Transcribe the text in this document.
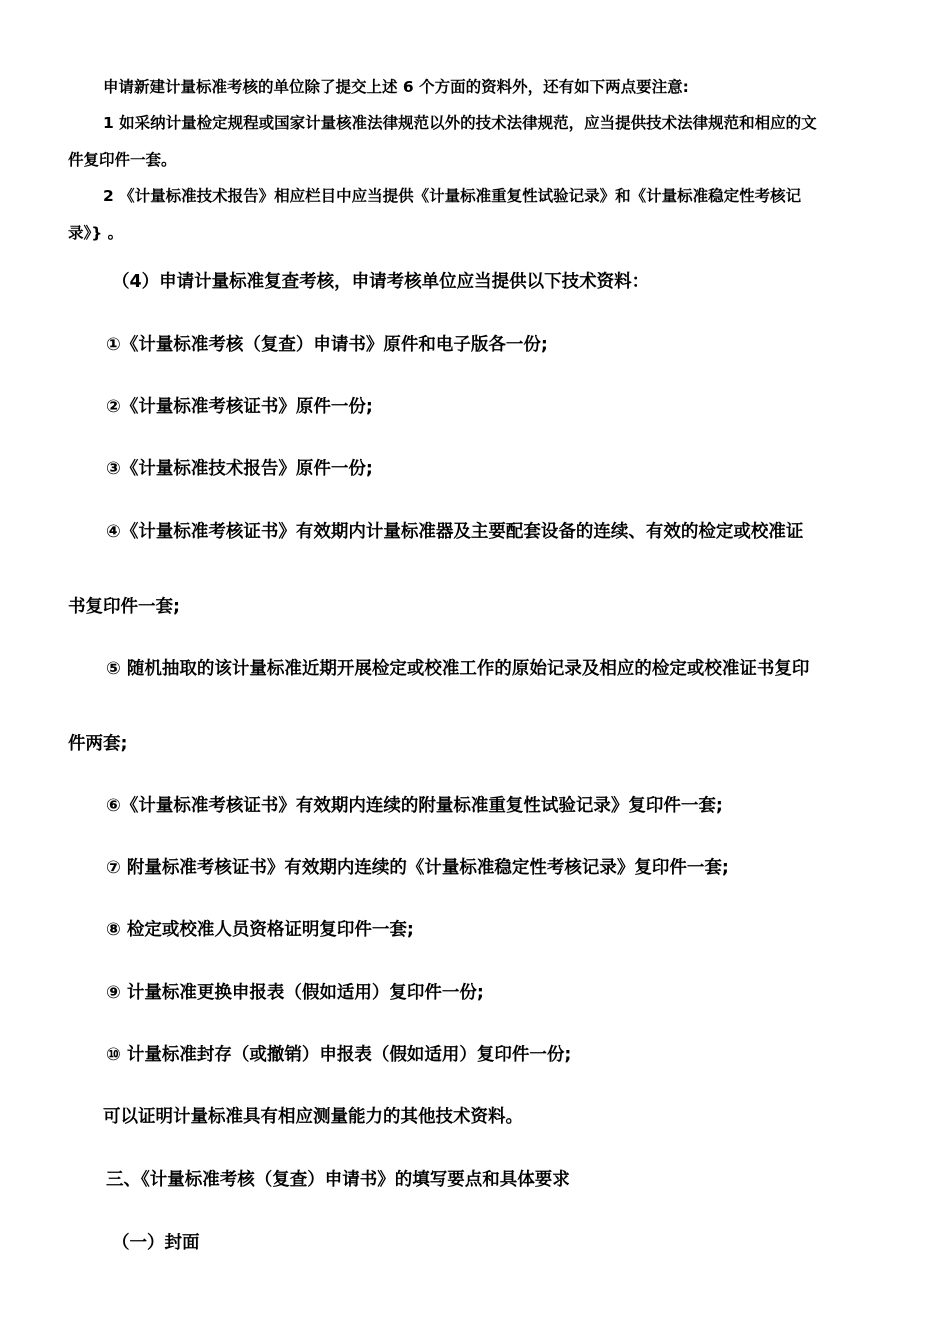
申请新建计量标准考核的单位除了提交上述 6 个方面的资料外，还有如下两点要注意:
1 如采纳计量检定规程或国家计量核准法律规范以外的技术法律规范，应当提供技术法律规范和相应的文
件复印件一套。
2 《计量标准技术报告》相应栏目中应当提供《计量标准重复性试验记录》和《计量标准稳定性考核记
录》} 。
（4）申请计量标准复查考核，申请考核单位应当提供以下技术资料：
①《计量标准考核（复查）申请书》原件和电子版各一份;
②《计量标准考核证书》原件一份;
③《计量标准技术报告》原件一份;
④《计量标准考核证书》有效期内计量标准器及主要配套设备的连续、有效的检定或校准证
书复印件一套;
⑤ 随机抽取的该计量标准近期开展检定或校准工作的原始记录及相应的检定或校准证书复印
件两套;
⑥《计量标准考核证书》有效期内连续的附量标准重复性试验记录》复印件一套;
⑦ 附量标准考核证书》有效期内连续的《计量标准稳定性考核记录》复印件一套;
⑧ 检定或校准人员资格证明复印件一套;
⑨ 计量标准更换申报表（假如适用）复印件一份;
⑩ 计量标准封存（或撤销）申报表（假如适用）复印件一份;
可以证明计量标准具有相应测量能力的其他技术资料。
三、《计量标准考核（复查）申请书》的填写要点和具体要求
（一）封面
